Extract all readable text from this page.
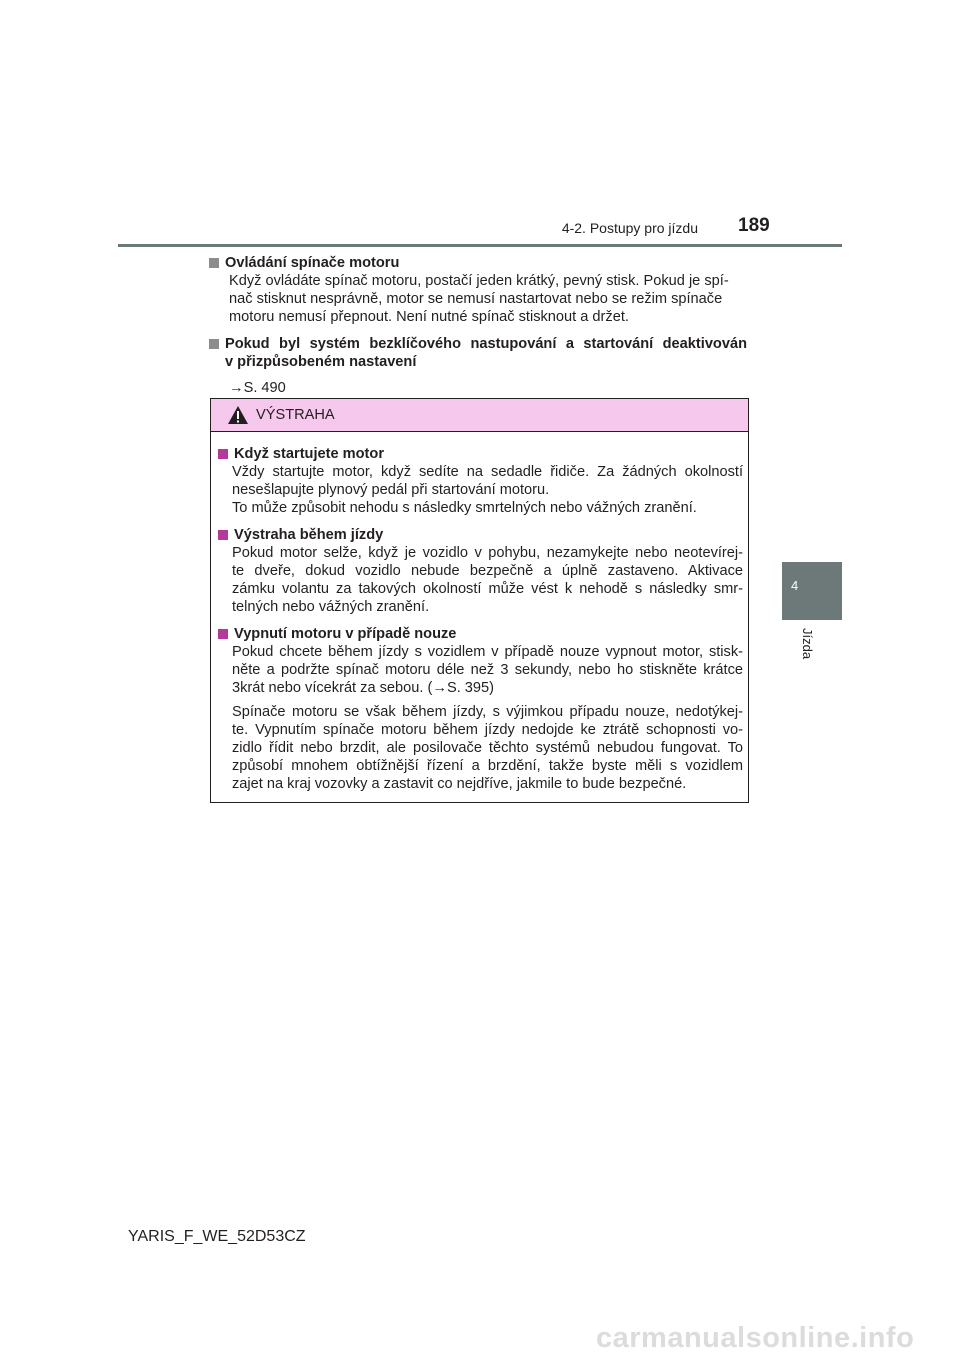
4-2. Postupy pro jízdu 189
4
Jízda
Ovládání spínače motoru
Když ovládáte spínač motoru, postačí jeden krátký, pevný stisk. Pokud je spí-
nač stisknut nesprávně, motor se nemusí nastartovat nebo se režim spínače
motoru nemusí přepnout. Není nutné spínač stisknout a držet.
Pokud byl systém bezklíčového nastupování a startování deaktivován
v přizpůsobeném nastavení
→S. 490
VÝSTRAHA
Když startujete motor
Vždy startujte motor, když sedíte na sedadle řidiče. Za žádných okolností
nesešlapujte plynový pedál při startování motoru.
To může způsobit nehodu s následky smrtelných nebo vážných zranění.
Výstraha během jízdy
Pokud motor selže, když je vozidlo v pohybu, nezamykejte nebo neotevírej-
te dveře, dokud vozidlo nebude bezpečně a úplně zastaveno. Aktivace
zámku volantu za takových okolností může vést k nehodě s následky smr-
telných nebo vážných zranění.
Vypnutí motoru v případě nouze
Pokud chcete během jízdy s vozidlem v případě nouze vypnout motor, stisk-
něte a podržte spínač motoru déle než 3 sekundy, nebo ho stiskněte krátce
3krát nebo vícekrát za sebou. (→S. 395)
Spínače motoru se však během jízdy, s výjimkou případu nouze, nedotýkej-
te. Vypnutím spínače motoru během jízdy nedojde ke ztrátě schopnosti vo-
zidlo řídit nebo brzdit, ale posilovače těchto systémů nebudou fungovat. To
způsobí mnohem obtížnější řízení a brzdění, takže byste měli s vozidlem
zajet na kraj vozovky a zastavit co nejdříve, jakmile to bude bezpečné.
YARIS_F_WE_52D53CZ
carmanualsonline.info
